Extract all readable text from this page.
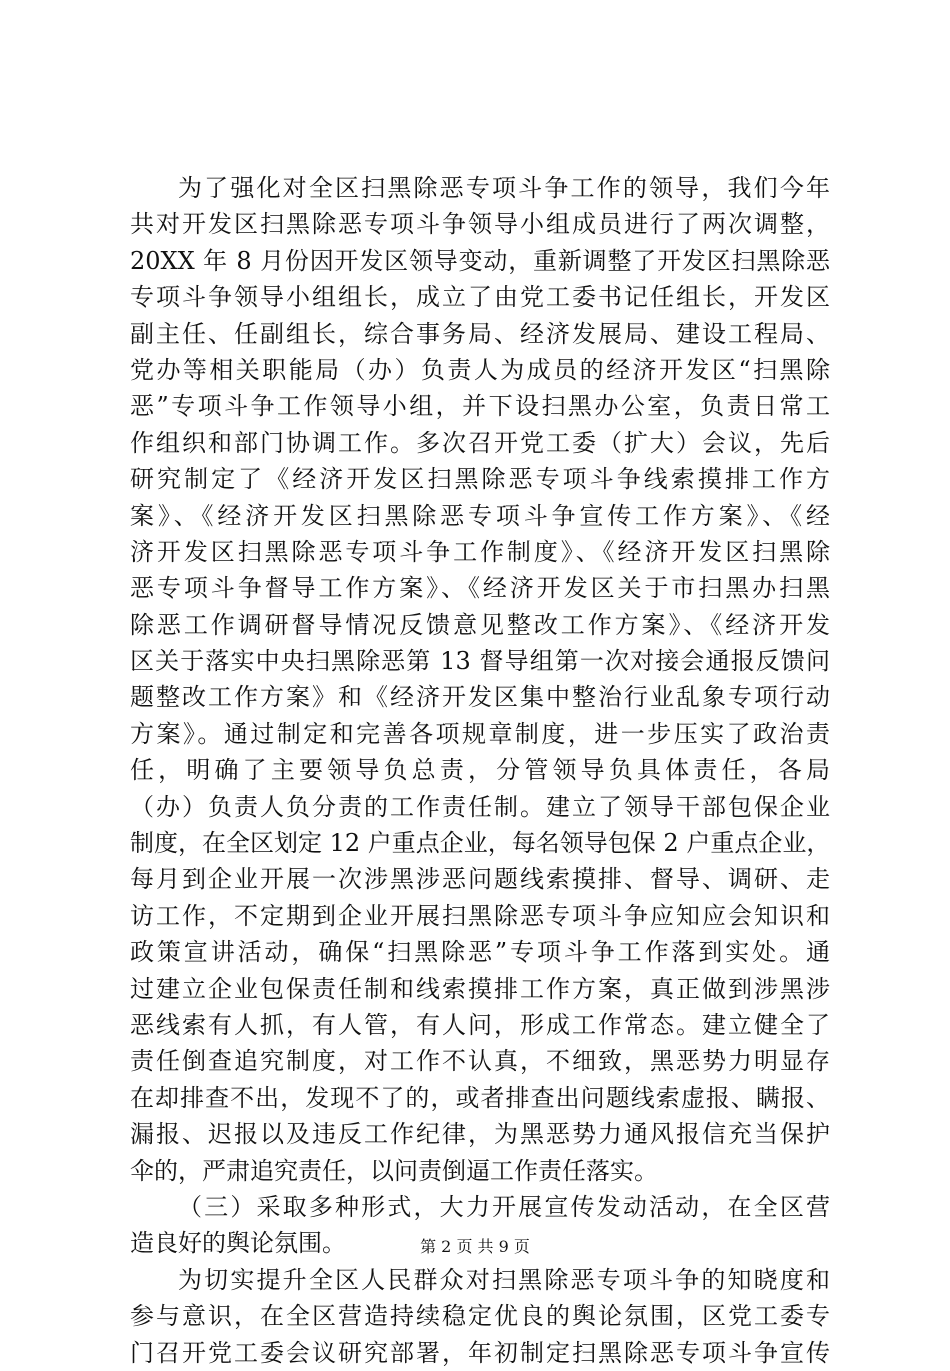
为了强化对全区扫黑除恶专项斗争工作的领导，我们今年
共对开发区扫黑除恶专项斗争领导小组成员进行了两次调整，
20XX 年 8 月份因开发区领导变动，重新调整了开发区扫黑除恶
专项斗争领导小组组长，成立了由党工委书记任组长，开发区
副主任、任副组长，综合事务局、经济发展局、建设工程局、
党办等相关职能局（办）负责人为成员的经济开发区“扫黑除
恶”专项斗争工作领导小组，并下设扫黑办公室，负责日常工
作组织和部门协调工作。多次召开党工委（扩大）会议，先后
研究制定了《经济开发区扫黑除恶专项斗争线索摸排工作方
案》、《经济开发区扫黑除恶专项斗争宣传工作方案》、《经
济开发区扫黑除恶专项斗争工作制度》、《经济开发区扫黑除
恶专项斗争督导工作方案》、《经济开发区关于市扫黑办扫黑
除恶工作调研督导情况反馈意见整改工作方案》、《经济开发
区关于落实中央扫黑除恶第 13 督导组第一次对接会通报反馈问
题整改工作方案》和《经济开发区集中整治行业乱象专项行动
方案》。通过制定和完善各项规章制度，进一步压实了政治责
任，明确了主要领导负总责，分管领导负具体责任，各局
（办）负责人负分责的工作责任制。建立了领导干部包保企业
制度，在全区划定 12 户重点企业，每名领导包保 2 户重点企业，
每月到企业开展一次涉黑涉恶问题线索摸排、督导、调研、走
访工作，不定期到企业开展扫黑除恶专项斗争应知应会知识和
政策宣讲活动，确保“扫黑除恶”专项斗争工作落到实处。通
过建立企业包保责任制和线索摸排工作方案，真正做到涉黑涉
恶线索有人抓，有人管，有人问，形成工作常态。建立健全了
责任倒查追究制度，对工作不认真，不细致，黑恶势力明显存
在却排查不出，发现不了的，或者排查出问题线索虚报、瞒报、
漏报、迟报以及违反工作纪律，为黑恶势力通风报信充当保护
伞的，严肃追究责任，以问责倒逼工作责任落实。
（三）采取多种形式，大力开展宣传发动活动，在全区营
造良好的舆论氛围。
为切实提升全区人民群众对扫黑除恶专项斗争的知晓度和
参与意识，在全区营造持续稳定优良的舆论氛围，区党工委专
门召开党工委会议研究部署，年初制定扫黑除恶专项斗争宣传
第 2 页 共 9 页
